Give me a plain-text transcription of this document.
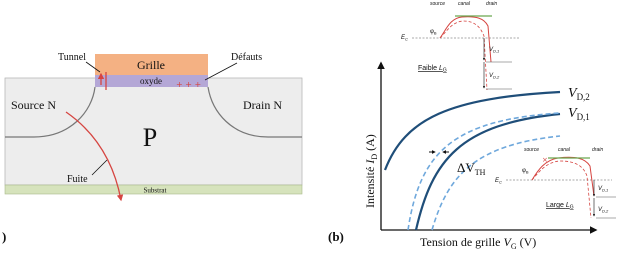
Substrat
Grille
oxyde
Source N	Drain N
P
Tunnel
+ + +
Défauts
Fuite
)	(b)
Intensité $I_D$ (A)
Tension de grille $V_G$ (V)
$V_{D,2}$
$V_{D,1}$
$\Delta V_{TH}$
source	canal	drain
$\varphi_B$
$E_C$
$V_{D,1}$
$V_{D,2}$
Faible $L_G$
source	canal	drain
$\varphi_B$
$E_C$
×
$V_{D,1}$
$V_{D,2}$
Large $L_G$
